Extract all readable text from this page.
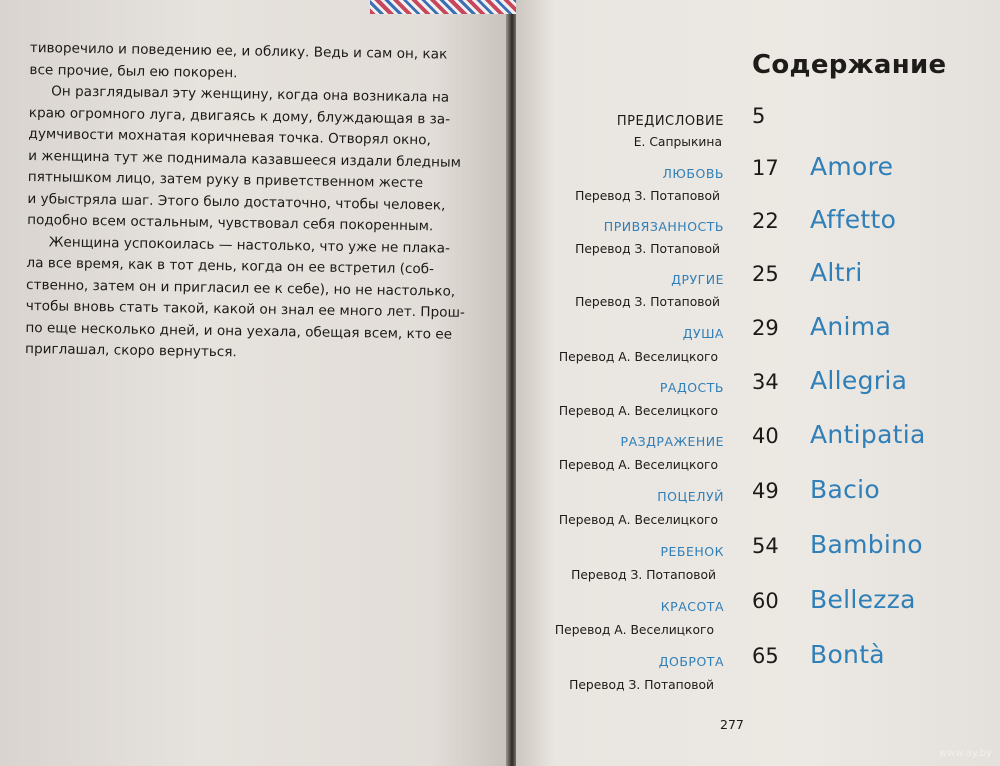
тиворечило и поведению ее, и облику. Ведь и сам он, как

все прочие, был ею покорен.

Он разглядывал эту женщину, когда она возникала на

краю огромного луга, двигаясь к дому, блуждающая в за-

думчивости мохнатая коричневая точка. Отворял окно,

и женщина тут же поднимала казавшееся издали бледным

пятнышком лицо, затем руку в приветственном жесте

и убыстряла шаг. Этого было достаточно, чтобы человек,

подобно всем остальным, чувствовал себя покоренным.

Женщина успокоилась — настолько, что уже не плака-

ла все время, как в тот день, когда он ее встретил (соб-

ственно, затем он и пригласил ее к себе), но не настолько,

чтобы вновь стать такой, какой он знал ее много лет. Прош-

по еще несколько дней, и она уехала, обещая всем, кто ее

приглашал, скоро вернуться.

Содержание
ПРЕДИСЛОВИЕ 5
Е. Сапрыкина
ЛЮБОВЬ 17	Amore
Перевод З. Потаповой
ПРИВЯЗАННОСТЬ 22	Affetto
Перевод З. Потаповой
ДРУГИЕ 25	Altri
Перевод З. Потаповой
ДУША 29	Anima
Перевод А. Веселицкого
РАДОСТЬ 34	Allegria
Перевод А. Веселицкого
РАЗДРАЖЕНИЕ 40	Antipatia
Перевод А. Веселицкого
ПОЦЕЛУЙ 49	Bacio
Перевод А. Веселицкого
РЕБЕНОК 54	Bambino
Перевод З. Потаповой
КРАСОТА 60	Bellezza
Перевод А. Веселицкого
ДОБРОТА 65	Bontà
Перевод З. Потаповой
277
www.ay.by
